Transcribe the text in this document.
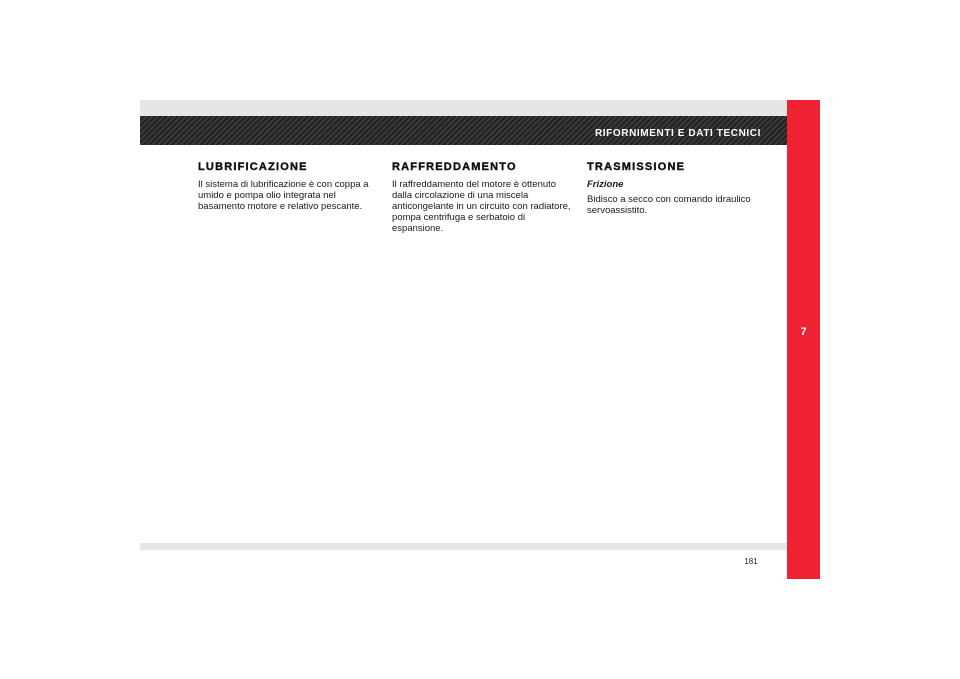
RIFORNIMENTI E DATI TECNICI
7
LUBRIFICAZIONE

Il sistema di lubrificazione è con coppa a umido e pompa olio integrata nel basamento motore e relativo pescante.

RAFFREDDAMENTO

Il raffreddamento del motore è ottenuto dalla circolazione di una miscela anticongelante in un circuito con radiatore, pompa centrifuga e serbatoio di espansione.

TRASMISSIONE

Frizione

Bidisco a secco con comando idraulico servoassistito.

181
